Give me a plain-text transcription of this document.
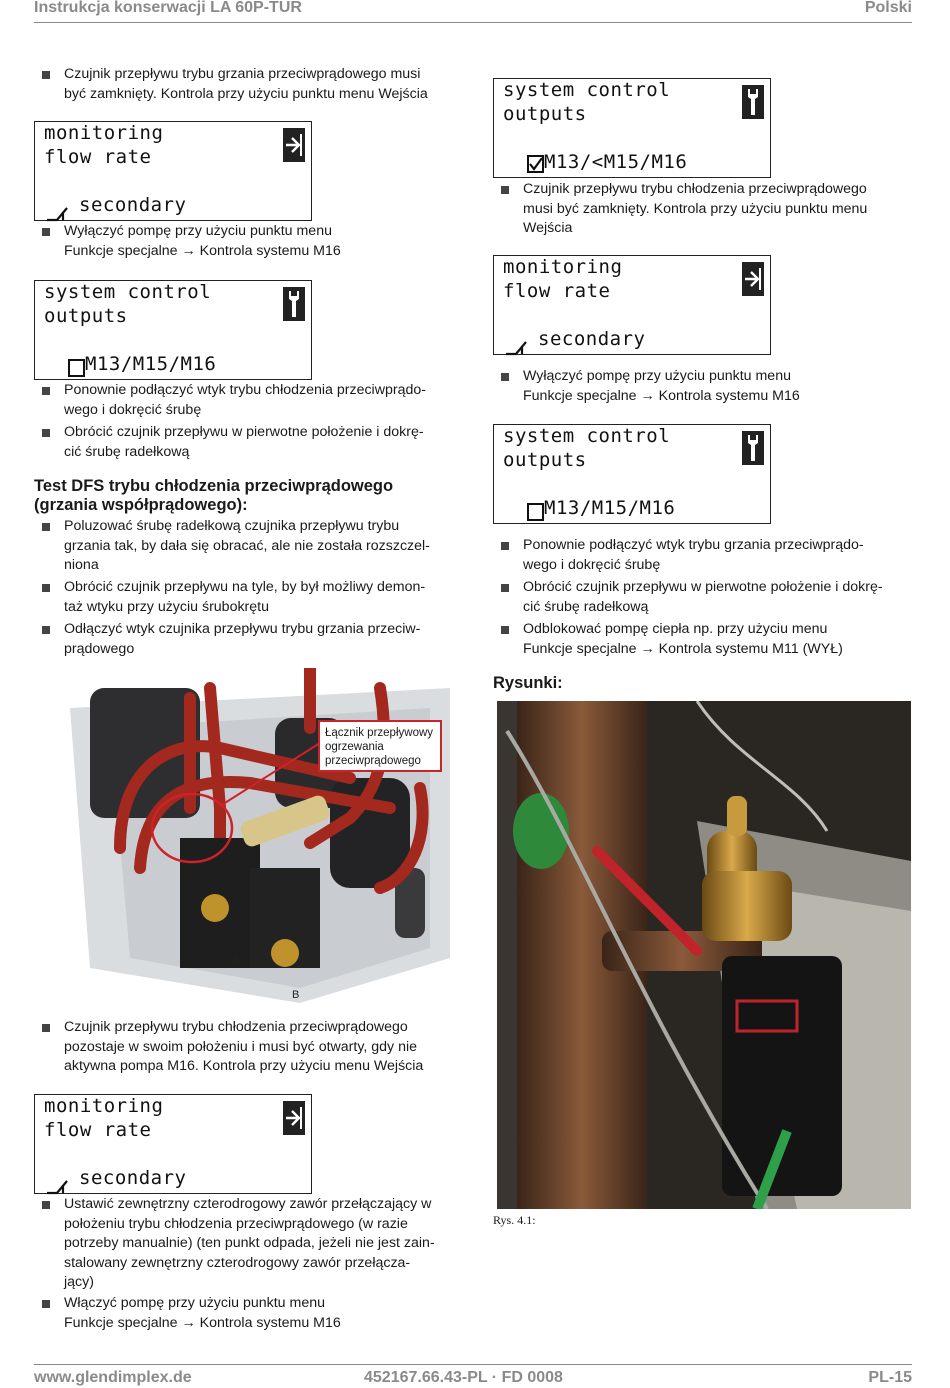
Instrukcja konserwacji LA 60P-TUR	Polski
Czujnik przepływu trybu grzania przeciwprądowego musi
być zamknięty. Kontrola przy użyciu punktu menu Wejścia
monitoring
flow rate
secondary
Wyłączyć pompę przy użyciu punktu menu
Funkcje specjalne → Kontrola systemu M16
system control
outputs
M13/M15/M16
Ponownie podłączyć wtyk trybu chłodzenia przeciwprądo-
wego i dokręcić śrubę
Obrócić czujnik przepływu w pierwotne położenie i dokrę-
cić śrubę radełkową
Test DFS trybu chłodzenia przeciwprądowego
(grzania współprądowego):
Poluzować śrubę radełkową czujnika przepływu trybu
grzania tak, by dała się obracać, ale nie została rozszczel-
niona
Obrócić czujnik przepływu na tyle, by był możliwy demon-
taż wtyku przy użyciu śrubokrętu
Odłączyć wtyk czujnika przepływu trybu grzania przeciw-
prądowego
A
B
Łącznik przepływowy
ogrzewania
przeciwprądowego
Czujnik przepływu trybu chłodzenia przeciwprądowego
pozostaje w swoim położeniu i musi być otwarty, gdy nie
aktywna pompa M16. Kontrola przy użyciu menu Wejścia
monitoring
flow rate
secondary
Ustawić zewnętrzny czterodrogowy zawór przełączający w
położeniu trybu chłodzenia przeciwprądowego (w razie
potrzeby manualnie) (ten punkt odpada, jeżeli nie jest zain-
stalowany zewnętrzny czterodrogowy zawór przełącza-
jący)
Włączyć pompę przy użyciu punktu menu
Funkcje specjalne → Kontrola systemu M16
system control
outputs
M13/<M15/M16
Czujnik przepływu trybu chłodzenia przeciwprądowego
musi być zamknięty. Kontrola przy użyciu punktu menu
Wejścia
monitoring
flow rate
secondary
Wyłączyć pompę przy użyciu punktu menu
Funkcje specjalne → Kontrola systemu M16
system control
outputs
M13/M15/M16
Ponownie podłączyć wtyk trybu grzania przeciwprądo-
wego i dokręcić śrubę
Obrócić czujnik przepływu w pierwotne położenie i dokrę-
cić śrubę radełkową
Odblokować pompę ciepła np. przy użyciu menu
Funkcje specjalne → Kontrola systemu M11 (WYŁ)
Rysunki:
Rys. 4.1:
www.glendimplex.de	452167.66.43-PL · FD 0008	PL-15
